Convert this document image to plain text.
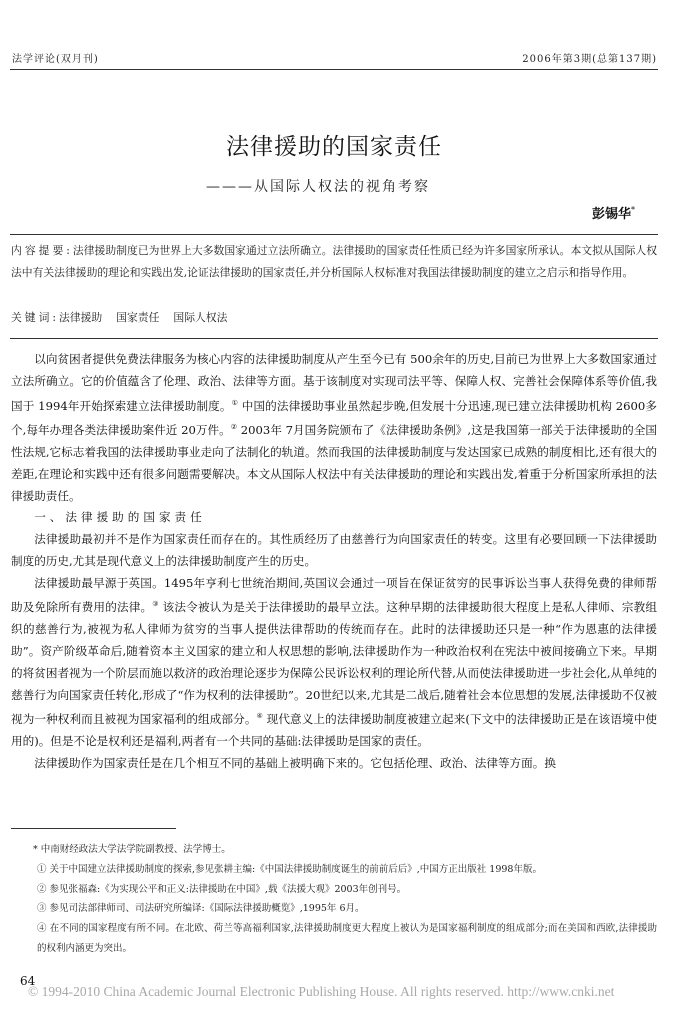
法学评论(双月刊)	2006年第3期(总第137期)
法律援助的国家责任
———从国际人权法的视角考察
彭锡华*
内容提要:法律援助制度已为世界上大多数国家通过立法所确立。法律援助的国家责任性质已经为许多国家所承认。本文拟从国际人权法中有关法律援助的理论和实践出发,论证法律援助的国家责任,并分析国际人权标准对我国法律援助制度的建立之启示和指导作用。
关键词:法律援助 国家责任 国际人权法

以向贫困者提供免费法律服务为核心内容的法律援助制度从产生至今已有 500余年的历史,目前已为世界上大多数国家通过立法所确立。它的价值蕴含了伦理、政治、法律等方面。基于该制度对实现司法平等、保障人权、完善社会保障体系等价值,我国于 1994年开始探索建立法律援助制度。① 中国的法律援助事业虽然起步晚,但发展十分迅速,现已建立法律援助机构 2600多个,每年办理各类法律援助案件近 20万件。② 2003年 7月国务院颁布了《法律援助条例》,这是我国第一部关于法律援助的全国性法规,它标志着我国的法律援助事业走向了法制化的轨道。然而我国的法律援助制度与发达国家已成熟的制度相比,还有很大的差距,在理论和实践中还有很多问题需要解决。本文从国际人权法中有关法律援助的理论和实践出发,着重于分析国家所承担的法律援助责任。

一、法律援助的国家责任

法律援助最初并不是作为国家责任而存在的。其性质经历了由慈善行为向国家责任的转变。这里有必要回顾一下法律援助制度的历史,尤其是现代意义上的法律援助制度产生的历史。

法律援助最早源于英国。1495年亨利七世统治期间,英国议会通过一项旨在保证贫穷的民事诉讼当事人获得免费的律师帮助及免除所有费用的法律。③ 该法令被认为是关于法律援助的最早立法。这种早期的法律援助很大程度上是私人律师、宗教组织的慈善行为,被视为私人律师为贫穷的当事人提供法律帮助的传统而存在。此时的法律援助还只是一种“作为恩惠的法律援助”。资产阶级革命后,随着资本主义国家的建立和人权思想的影响,法律援助作为一种政治权利在宪法中被间接确立下来。早期的将贫困者视为一个阶层而施以救济的政治理论逐步为保障公民诉讼权利的理论所代替,从而使法律援助进一步社会化,从单纯的慈善行为向国家责任转化,形成了“作为权利的法律援助”。20世纪以来,尤其是二战后,随着社会本位思想的发展,法律援助不仅被视为一种权利而且被视为国家福利的组成部分。④ 现代意义上的法律援助制度被建立起来(下文中的法律援助正是在该语境中使用的)。但是不论是权利还是福利,两者有一个共同的基础:法律援助是国家的责任。

法律援助作为国家责任是在几个相互不同的基础上被明确下来的。它包括伦理、政治、法律等方面。换

* 中南财经政法大学法学院副教授、法学博士。

① 关于中国建立法律援助制度的探索,参见张耕主编:《中国法律援助制度诞生的前前后后》,中国方正出版社 1998年版。

② 参见张福森:《为实现公平和正义:法律援助在中国》,载《法援大观》2003年创刊号。

③ 参见司法部律师司、司法研究所编译:《国际法律援助概览》,1995年 6月。

④ 在不同的国家程度有所不同。在北欧、荷兰等高福利国家,法律援助制度更大程度上被认为是国家福利制度的组成部分;而在美国和西欧,法律援助的权利内涵更为突出。

64
© 1994-2010 China Academic Journal Electronic Publishing House. All rights reserved. http://www.cnki.net
